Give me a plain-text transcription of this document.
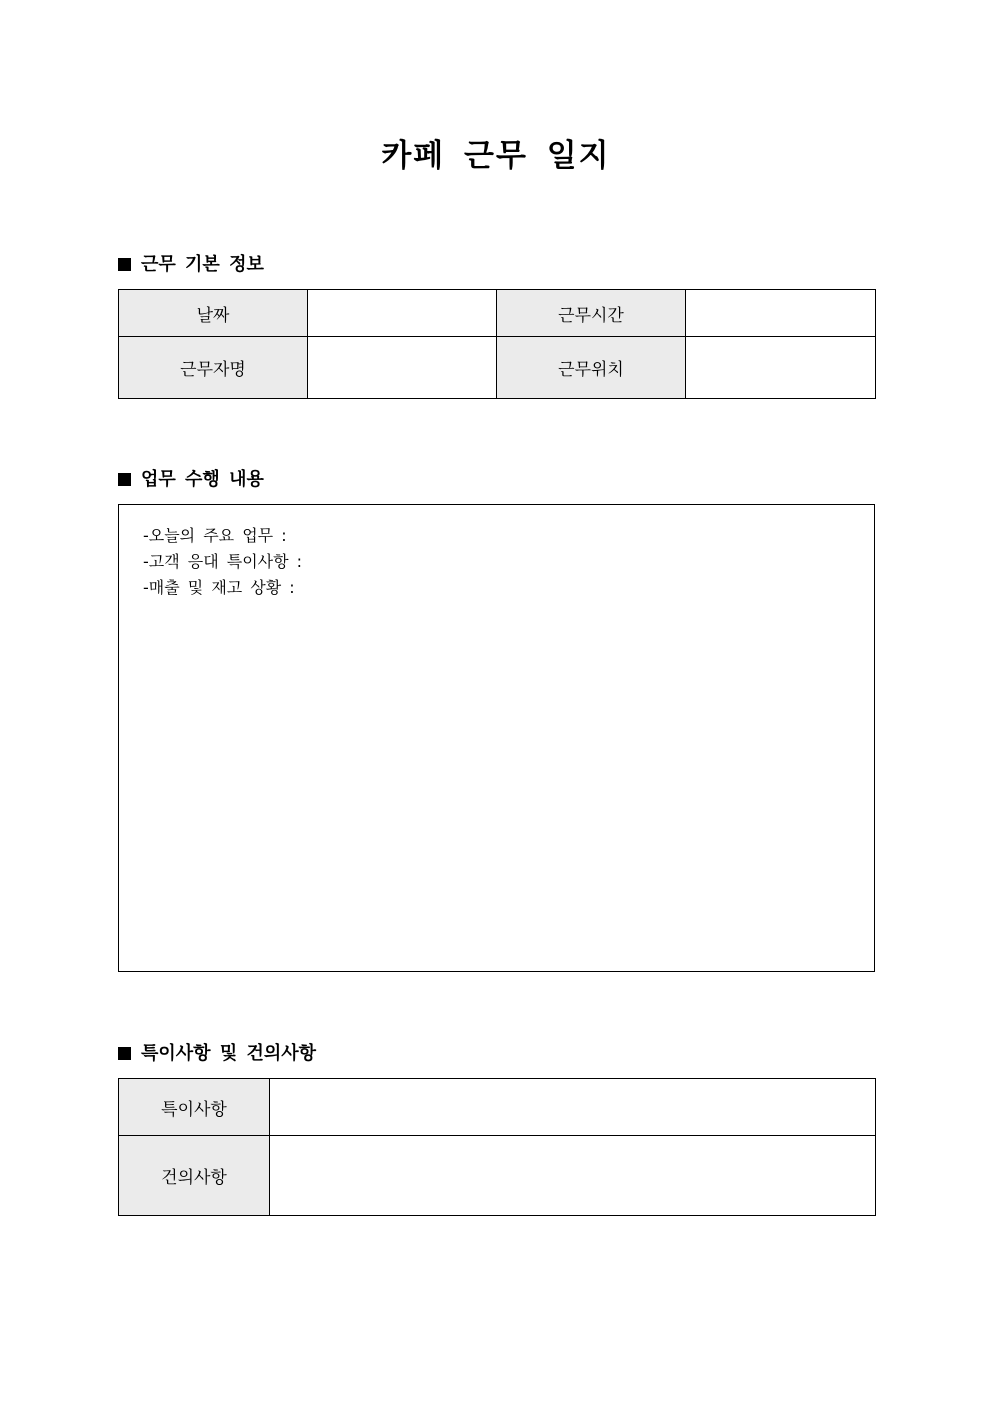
카페 근무 일지
근무 기본 정보
날짜		근무시간	
근무자명		근무위치	
업무 수행 내용
-오늘의 주요 업무 :
-고객 응대 특이사항 :
-매출 및 재고 상황 :
특이사항 및 건의사항
특이사항	
건의사항	
